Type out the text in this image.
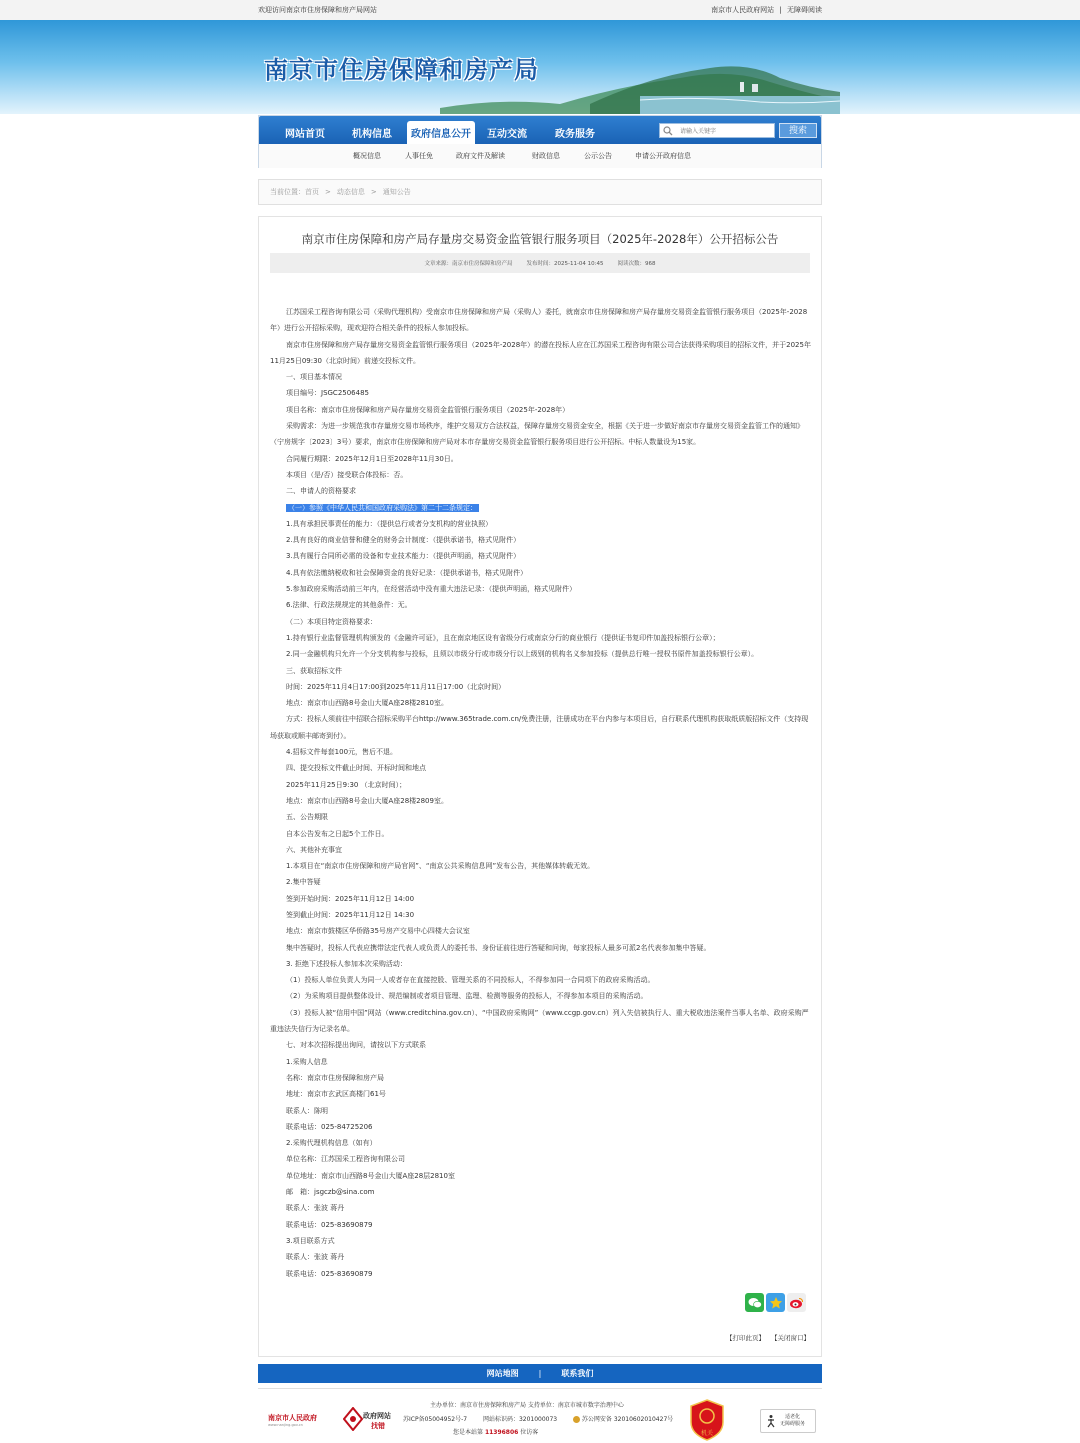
欢迎访问南京市住房保障和房产局网站	南京市人民政府网站 | 无障碍阅读
南京市住房保障和房产局
网站首页	机构信息	政府信息公开	互动交流	政务服务
请输入关键字	搜索
概况信息	人事任免	政府文件及解读	财政信息	公示公告	申请公开政府信息
当前位置：首页 > 动态信息 > 通知公告
南京市住房保障和房产局存量房交易资金监管银行服务项目（2025年-2028年）公开招标公告
文章来源：南京市住房保障和房产局	发布时间：2025-11-04 10:45	阅读次数：968

江苏国采工程咨询有限公司（采购代理机构）受南京市住房保障和房产局（采购人）委托，就南京市住房保障和房产局存量房交易资金监管银行服务项目（2025年-2028年）进行公开招标采购，现欢迎符合相关条件的投标人参加投标。

南京市住房保障和房产局存量房交易资金监管银行服务项目（2025年-2028年）的潜在投标人应在江苏国采工程咨询有限公司合法获得采购项目的招标文件，并于2025年11月25日09:30（北京时间）前递交投标文件。

一、项目基本情况

项目编号：JSGC2506485

项目名称：南京市住房保障和房产局存量房交易资金监管银行服务项目（2025年-2028年）

采购需求：为进一步规范我市存量房交易市场秩序，维护交易双方合法权益，保障存量房交易资金安全，根据《关于进一步做好南京市存量房交易资金监管工作的通知》（宁房规字〔2023〕3号）要求，南京市住房保障和房产局对本市存量房交易资金监管银行服务项目进行公开招标。中标人数量设为15家。

合同履行期限：2025年12月1日至2028年11月30日。

本项目（是/否）接受联合体投标：否。

二、申请人的资格要求

（一）参照《中华人民共和国政府采购法》第二十二条规定：

1.具有承担民事责任的能力：（提供总行或者分支机构的营业执照）

2.具有良好的商业信誉和健全的财务会计制度：（提供承诺书，格式见附件）

3.具有履行合同所必需的设备和专业技术能力：（提供声明函，格式见附件）

4.具有依法缴纳税收和社会保障资金的良好记录：（提供承诺书，格式见附件）

5.参加政府采购活动前三年内，在经营活动中没有重大违法记录：（提供声明函，格式见附件）

6.法律、行政法规规定的其他条件：无。

（二）本项目特定资格要求：

1.持有银行业监督管理机构颁发的《金融许可证》，且在南京地区设有省级分行或南京分行的商业银行（提供证书复印件加盖投标银行公章）；

2.同一金融机构只允许一个分支机构参与投标，且须以市级分行或市级分行以上级别的机构名义参加投标（提供总行唯一授权书原件加盖投标银行公章）。

三、获取招标文件

时间：2025年11月4日17:00到2025年11月11日17:00（北京时间）

地点：南京市山西路8号金山大厦A座28楼2810室。

方式：投标人须前往中招联合招标采购平台http://www.365trade.com.cn/免费注册，注册成功在平台内参与本项目后，自行联系代理机构获取纸质版招标文件（支持现场获取或顺丰邮寄到付）。

4.招标文件每套100元，售后不退。

四、提交投标文件截止时间、开标时间和地点

2025年11月25日9:30 （北京时间）；

地点：南京市山西路8号金山大厦A座28楼2809室。

五、公告期限

自本公告发布之日起5个工作日。

六、其他补充事宜

1.本项目在“南京市住房保障和房产局官网”、“南京公共采购信息网”发布公告，其他媒体转载无效。

2.集中答疑

签到开始时间：2025年11月12日 14:00

签到截止时间：2025年11月12日 14:30

地点：南京市鼓楼区华侨路35号房产交易中心四楼大会议室

集中答疑时，投标人代表应携带法定代表人或负责人的委托书、身份证前往进行答疑和问询，每家投标人最多可派2名代表参加集中答疑。

3. 拒绝下述投标人参加本次采购活动：

（1）投标人单位负责人为同一人或者存在直接控股、管理关系的不同投标人，不得参加同一合同项下的政府采购活动。

（2）为采购项目提供整体设计、规范编制或者项目管理、监理、检测等服务的投标人，不得参加本项目的采购活动。

（3）投标人被“信用中国”网站（www.creditchina.gov.cn）、“中国政府采购网”（www.ccgp.gov.cn）列入失信被执行人、重大税收违法案件当事人名单、政府采购严重违法失信行为记录名单。

七、对本次招标提出询问，请按以下方式联系

1.采购人信息

名称：南京市住房保障和房产局

地址：南京市玄武区高楼门61号

联系人：陈明

联系电话：025-84725206

2.采购代理机构信息（如有）

单位名称：江苏国采工程咨询有限公司

单位地址：南京市山西路8号金山大厦A座28层2810室

邮　箱：jsgczb@sina.com

联系人：张波 蒋丹

联系电话：025-83690879

3.项目联系方式

联系人：张波 蒋丹

联系电话：025-83690879

【打印此页】 【关闭窗口】
网站地图	|	联系我们
南京市人民政府
www.nanjing.gov.cn
政府网站
找错
主办单位：南京市住房保障和房产局 支持单位：南京市城市数字治理中心
苏ICP备05004952号-7	网站标识码：3201000073	苏公网安备 32010602010427号
您是本站第 11396806 位访客	机关
适老化
无障碍服务
